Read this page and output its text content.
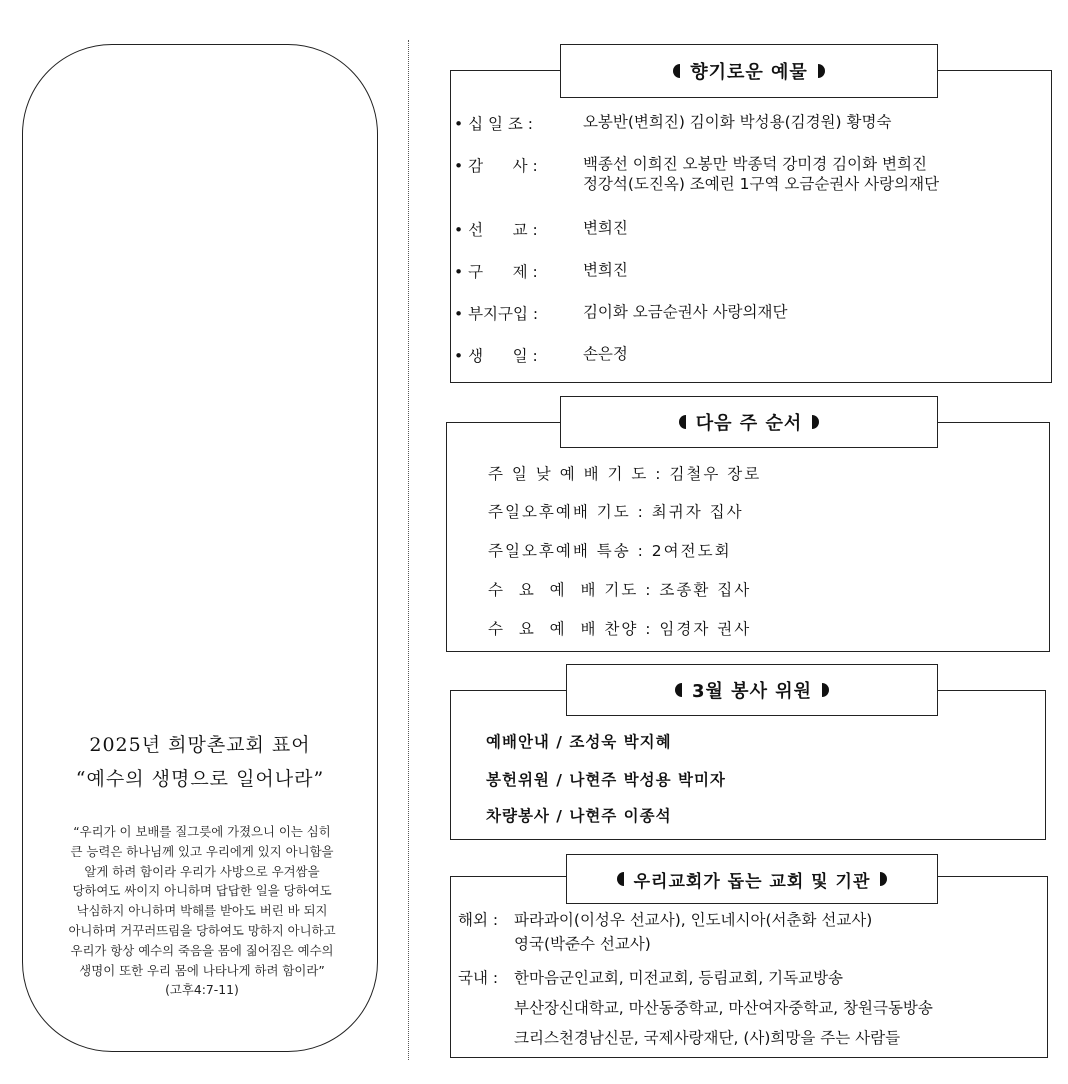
2025년 희망촌교회 표어
“예수의 생명으로 일어나라”
“우리가 이 보배를 질그릇에 가졌으니 이는 심히
큰 능력은 하나님께 있고 우리에게 있지 아니함을
알게 하려 함이라 우리가 사방으로 우겨쌈을
당하여도 싸이지 아니하며 답답한 일을 당하여도
낙심하지 아니하며 박해를 받아도 버린 바 되지
아니하며 거꾸러뜨림을 당하여도 망하지 아니하고
우리가 항상 예수의 죽음을 몸에 짊어짐은 예수의
생명이 또한 우리 몸에 나타나게 하려 함이라”
(고후4:7-11)
향기로운 예물
• 십 일 조 :	오봉반(변희진) 김이화 박성용(김경원) 황명숙
• 감      사 :	백종선 이희진 오봉만 박종덕 강미경 김이화 변희진
정강석(도진옥) 조예린 1구역 오금순권사 사랑의재단
• 선      교 :	변희진
• 구      제 :	변희진
• 부지구입 :	김이화 오금순권사 사랑의재단
• 생      일 :	손은정
다음 주 순서
주 일 낮 예 배 기 도 : 김철우 장로
주일오후예배 기도 : 최귀자 집사
주일오후예배 특송 : 2여전도회
수  요  예  배 기도 : 조종환 집사
수  요  예  배 찬양 : 임경자 권사
3월 봉사 위원
예배안내 / 조성욱 박지혜
봉헌위원 / 나현주 박성용 박미자
차량봉사 / 나현주 이종석
우리교회가 돕는 교회 및 기관
해외 : 파라과이(이성우 선교사), 인도네시아(서춘화 선교사)
영국(박준수 선교사)
국내 : 한마음군인교회, 미전교회, 등림교회, 기독교방송
부산장신대학교, 마산동중학교, 마산여자중학교, 창원극동방송
크리스천경남신문, 국제사랑재단, (사)희망을 주는 사람들
